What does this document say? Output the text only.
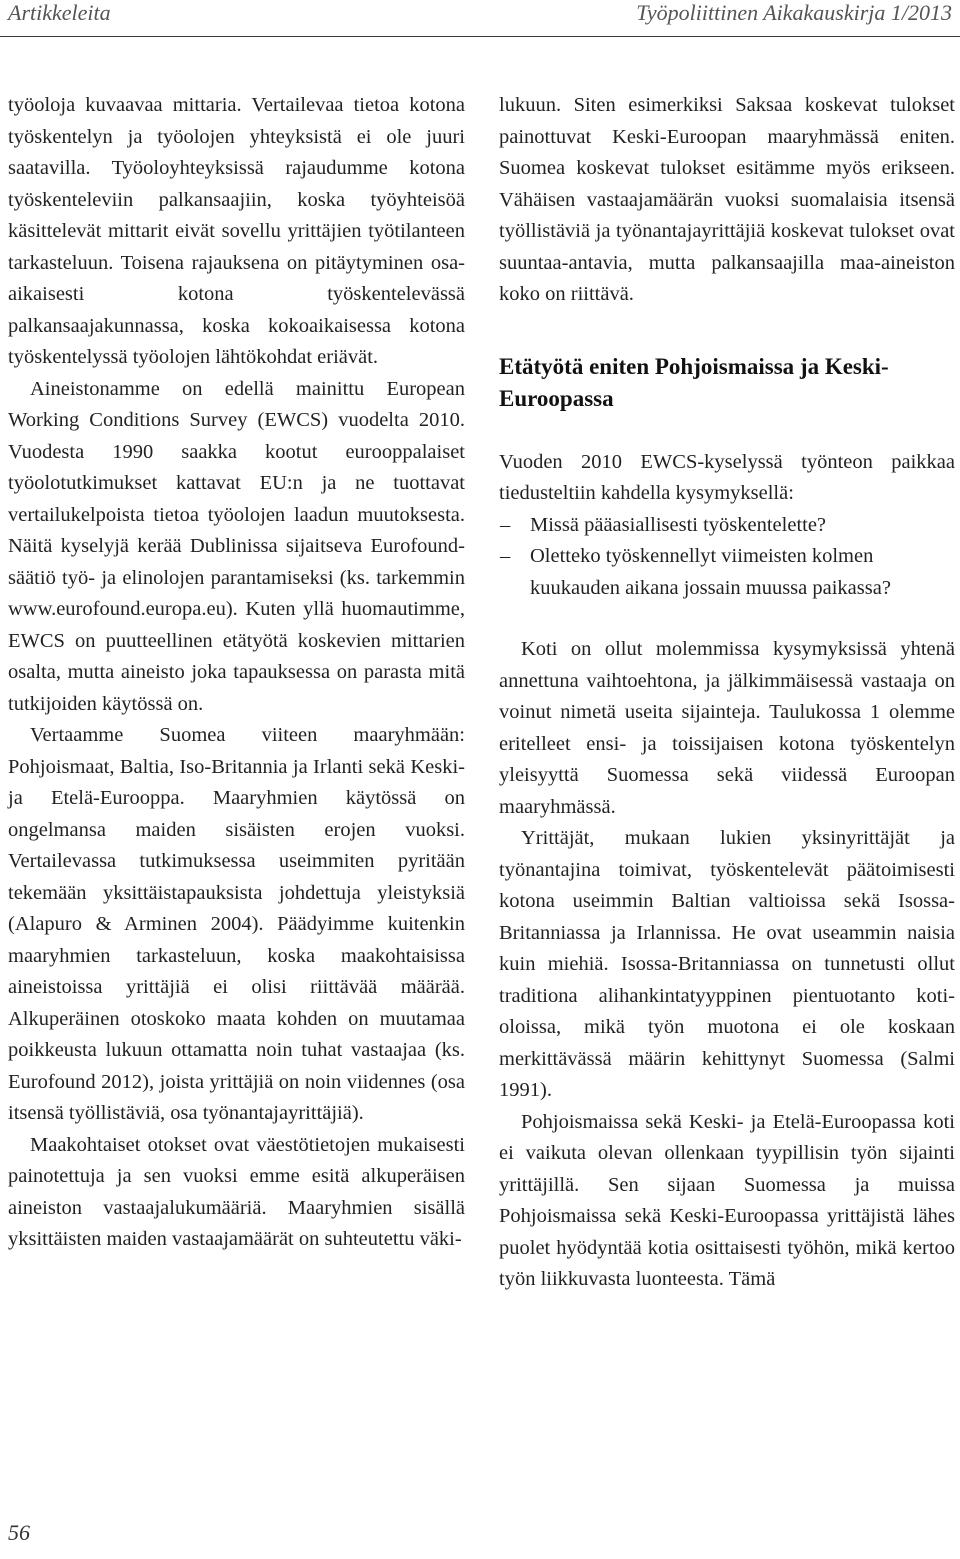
Artikkeleita	Työpoliittinen Aikakauskirja 1/2013

työoloja kuvaavaa mittaria. Vertailevaa tietoa kotona työskentelyn ja työolojen yhteyksistä ei ole juuri saatavilla. Työoloyhteyksissä rajaudumme kotona työskenteleviin palkansaajiin, koska työyhteisöä käsittelevät mittarit eivät sovellu yrittäjien työtilanteen tarkasteluun. Toisena rajauksena on pitäytyminen osa-aikaisesti kotona työskentelevässä palkansaajakunnassa, koska kokoaikaisessa kotona työskentelyssä työolojen lähtökohdat eriävät.

Aineistonamme on edellä mainittu European Working Conditions Survey (EWCS) vuodelta 2010. Vuodesta 1990 saakka kootut eurooppalaiset työolotutkimukset kattavat EU:n ja ne tuottavat vertailukelpoista tietoa työolojen laadun muutoksesta. Näitä kyselyjä kerää Dublinissa sijaitseva Eurofound-säätiö työ- ja elinolojen parantamiseksi (ks. tarkemmin www.eurofound.europa.eu). Kuten yllä huomautimme, EWCS on puutteellinen etätyötä koskevien mittarien osalta, mutta aineisto joka tapauksessa on parasta mitä tutkijoiden käytössä on.

Vertaamme Suomea viiteen maaryhmään: Pohjoismaat, Baltia, Iso-Britannia ja Irlanti sekä Keski- ja Etelä-Eurooppa. Maaryhmien käytössä on ongelmansa maiden sisäisten erojen vuoksi. Vertailevassa tutkimuksessa useimmiten pyritään tekemään yksittäistapauksista johdettuja yleistyksiä (Alapuro & Arminen 2004). Päädyimme kuitenkin maaryhmien tarkasteluun, koska maakohtaisissa aineistoissa yrittäjiä ei olisi riittävää määrää. Alkuperäinen otoskoko maata kohden on muutamaa poikkeusta lukuun ottamatta noin tuhat vastaajaa (ks. Eurofound 2012), joista yrittäjiä on noin viidennes (osa itsensä työllistäviä, osa työnantajayrittäjiä).

Maakohtaiset otokset ovat väestötietojen mukaisesti painotettuja ja sen vuoksi emme esitä alkuperäisen aineiston vastaajalukumääriä. Maaryhmien sisällä yksittäisten maiden vastaajamäärät on suhteutettu väki-

lukuun. Siten esimerkiksi Saksaa koskevat tulokset painottuvat Keski-Euroopan maaryhmässä eniten. Suomea koskevat tulokset esitämme myös erikseen. Vähäisen vastaajamäärän vuoksi suomalaisia itsensä työllistäviä ja työnantajayrittäjiä koskevat tulokset ovat suuntaa-antavia, mutta palkansaajilla maa-aineiston koko on riittävä.

Etätyötä eniten Pohjoismaissa ja Keski-Euroopassa

Vuoden 2010 EWCS-kyselyssä työnteon paikkaa tiedusteltiin kahdella kysymyksellä:

– Missä pääasiallisesti työskentelette?
– Oletteko työskennellyt viimeisten kolmen kuukauden aikana jossain muussa paikassa?

Koti on ollut molemmissa kysymyksissä yhtenä annettuna vaihtoehtona, ja jälkimmäisessä vastaaja on voinut nimetä useita sijainteja. Taulukossa 1 olemme eritelleet ensi- ja toissijaisen kotona työskentelyn yleisyyttä Suomessa sekä viidessä Euroopan maaryhmässä.

Yrittäjät, mukaan lukien yksinyrittäjät ja työnantajina toimivat, työskentelevät päätoimisesti kotona useimmin Baltian valtioissa sekä Isossa-Britanniassa ja Irlannissa. He ovat useammin naisia kuin miehiä. Isossa-Britanniassa on tunnetusti ollut traditiona alihankintatyyppinen pientuotanto kotioloissa, mikä työn muotona ei ole koskaan merkittävässä määrin kehittynyt Suomessa (Salmi 1991).

Pohjoismaissa sekä Keski- ja Etelä-Euroopassa koti ei vaikuta olevan ollenkaan tyypillisin työn sijainti yrittäjillä. Sen sijaan Suomessa ja muissa Pohjoismaissa sekä Keski-Euroopassa yrittäjistä lähes puolet hyödyntää kotia osittaisesti työhön, mikä kertoo työn liikkuvasta luonteesta. Tämä

56
